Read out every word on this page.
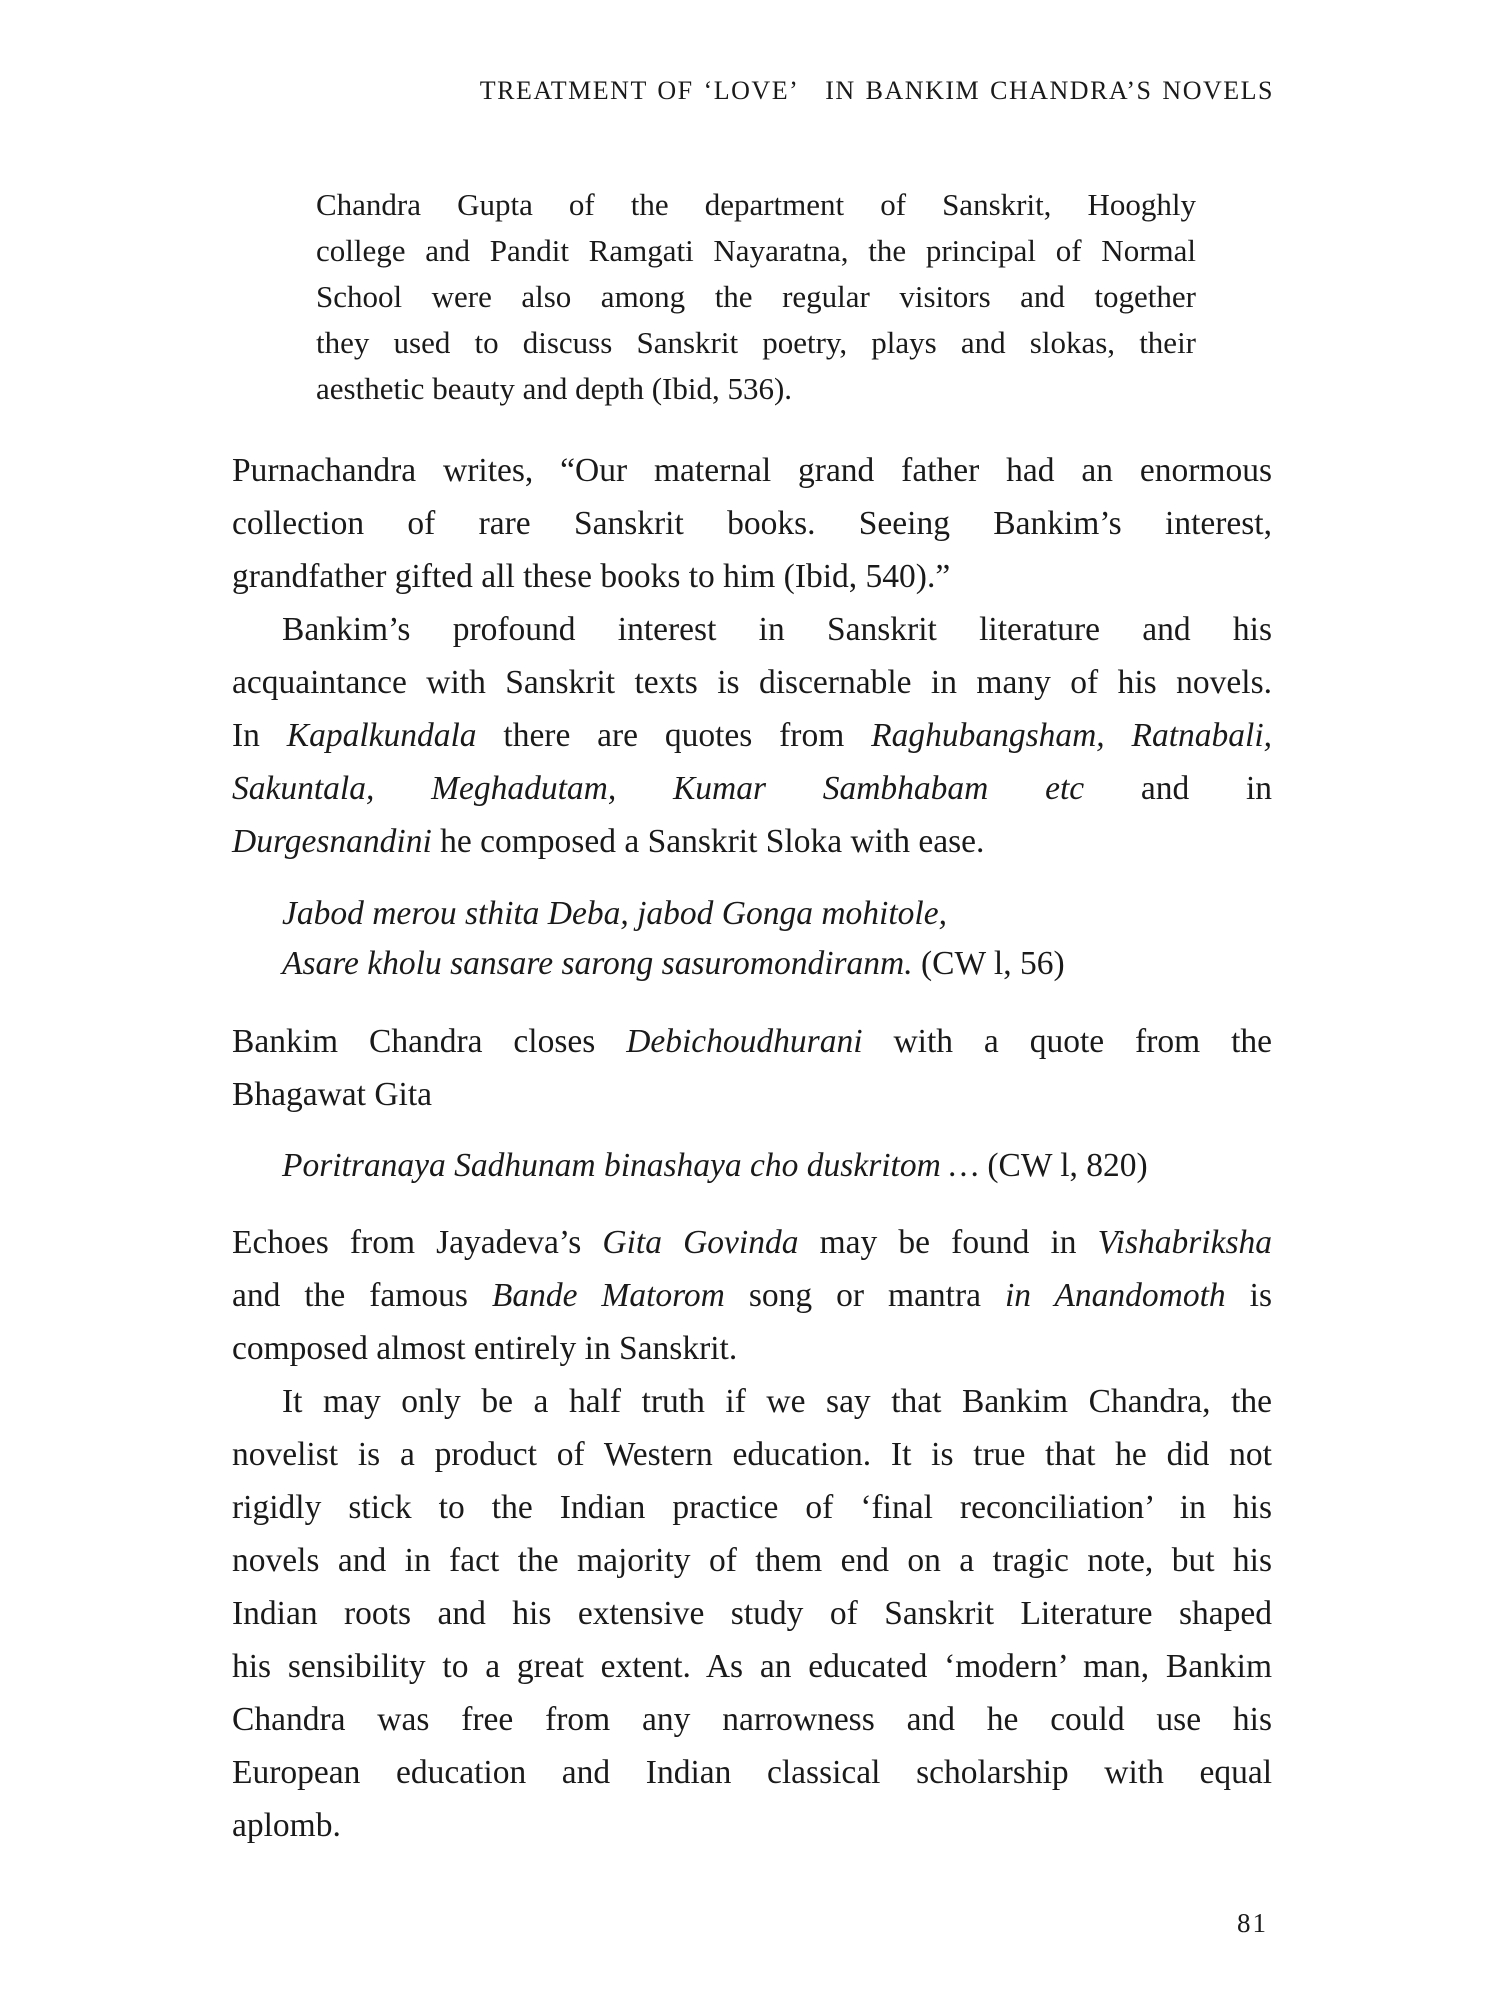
TREATMENT OF ‘LOVE’ IN BANKIM CHANDRA’S NOVELS
Chandra Gupta of the department of Sanskrit, Hooghly
college and Pandit Ramgati Nayaratna, the principal of Normal
School were also among the regular visitors and together
they used to discuss Sanskrit poetry, plays and slokas, their
aesthetic beauty and depth (Ibid, 536).
Purnachandra writes, “Our maternal grand father had an enormous
collection of rare Sanskrit books. Seeing Bankim’s interest,
grandfather gifted all these books to him (Ibid, 540).”
Bankim’s profound interest in Sanskrit literature and his
acquaintance with Sanskrit texts is discernable in many of his novels.
In Kapalkundala there are quotes from Raghubangsham, Ratnabali,
Sakuntala, Meghadutam, Kumar Sambhabam etc and in
Durgesnandini he composed a Sanskrit Sloka with ease.
Jabod merou sthita Deba, jabod Gonga mohitole,
Asare kholu sansare sarong sasuromondiranm. (CW l, 56)
Bankim Chandra closes Debichoudhurani with a quote from the
Bhagawat Gita
Poritranaya Sadhunam binashaya cho duskritom … (CW l, 820)
Echoes from Jayadeva’s Gita Govinda may be found in Vishabriksha
and the famous Bande Matorom song or mantra in Anandomoth is
composed almost entirely in Sanskrit.
It may only be a half truth if we say that Bankim Chandra, the
novelist is a product of Western education. It is true that he did not
rigidly stick to the Indian practice of ‘final reconciliation’ in his
novels and in fact the majority of them end on a tragic note, but his
Indian roots and his extensive study of Sanskrit Literature shaped
his sensibility to a great extent. As an educated ‘modern’ man, Bankim
Chandra was free from any narrowness and he could use his
European education and Indian classical scholarship with equal
aplomb.
81
